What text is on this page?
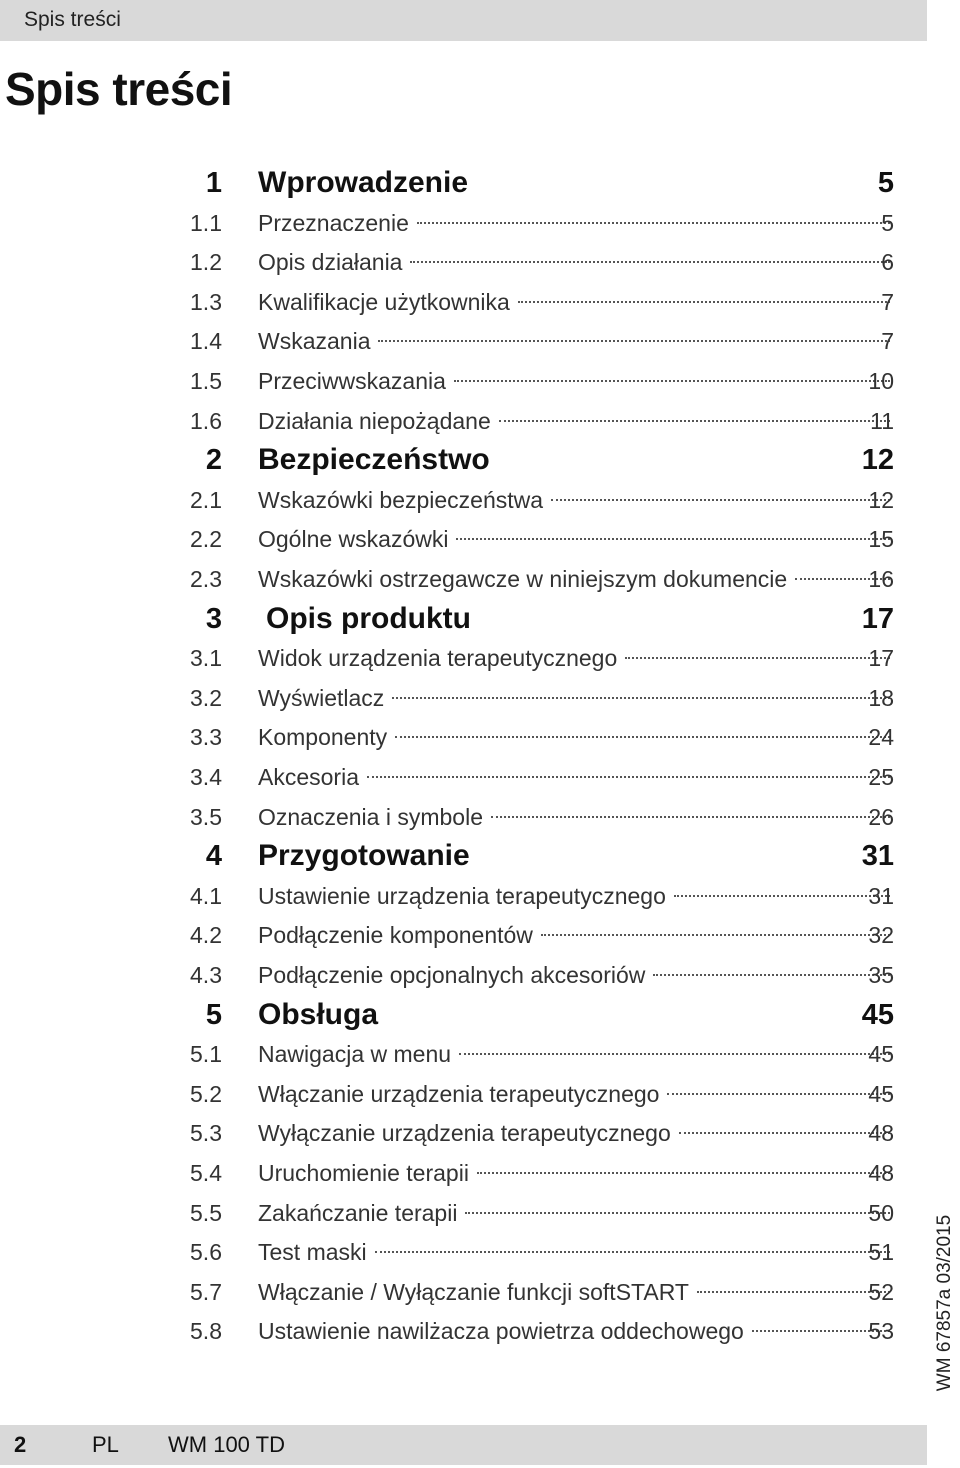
Spis treści
Spis treści
1 Wprowadzenie	5
1.1 Przeznaczenie	5
1.2 Opis działania	6
1.3 Kwalifikacje użytkownika	7
1.4 Wskazania	7
1.5 Przeciwwskazania	10
1.6 Działania niepożądane	11
2 Bezpieczeństwo	12
2.1 Wskazówki bezpieczeństwa	12
2.2 Ogólne wskazówki	15
2.3 Wskazówki ostrzegawcze w niniejszym dokumencie	16
3 Opis produktu	17
3.1 Widok urządzenia terapeutycznego	17
3.2 Wyświetlacz	18
3.3 Komponenty	24
3.4 Akcesoria	25
3.5 Oznaczenia i symbole	26
4 Przygotowanie	31
4.1 Ustawienie urządzenia terapeutycznego	31
4.2 Podłączenie komponentów	32
4.3 Podłączenie opcjonalnych akcesoriów	35
5 Obsługa	45
5.1 Nawigacja w menu	45
5.2 Włączanie urządzenia terapeutycznego	45
5.3 Wyłączanie urządzenia terapeutycznego	48
5.4 Uruchomienie terapii	48
5.5 Zakańczanie terapii	50
5.6 Test maski	51
5.7 Włączanie / Wyłączanie funkcji softSTART	52
5.8 Ustawienie nawilżacza powietrza oddechowego	53 WM 67857a 03/2015
2	PL WM 100 TD
